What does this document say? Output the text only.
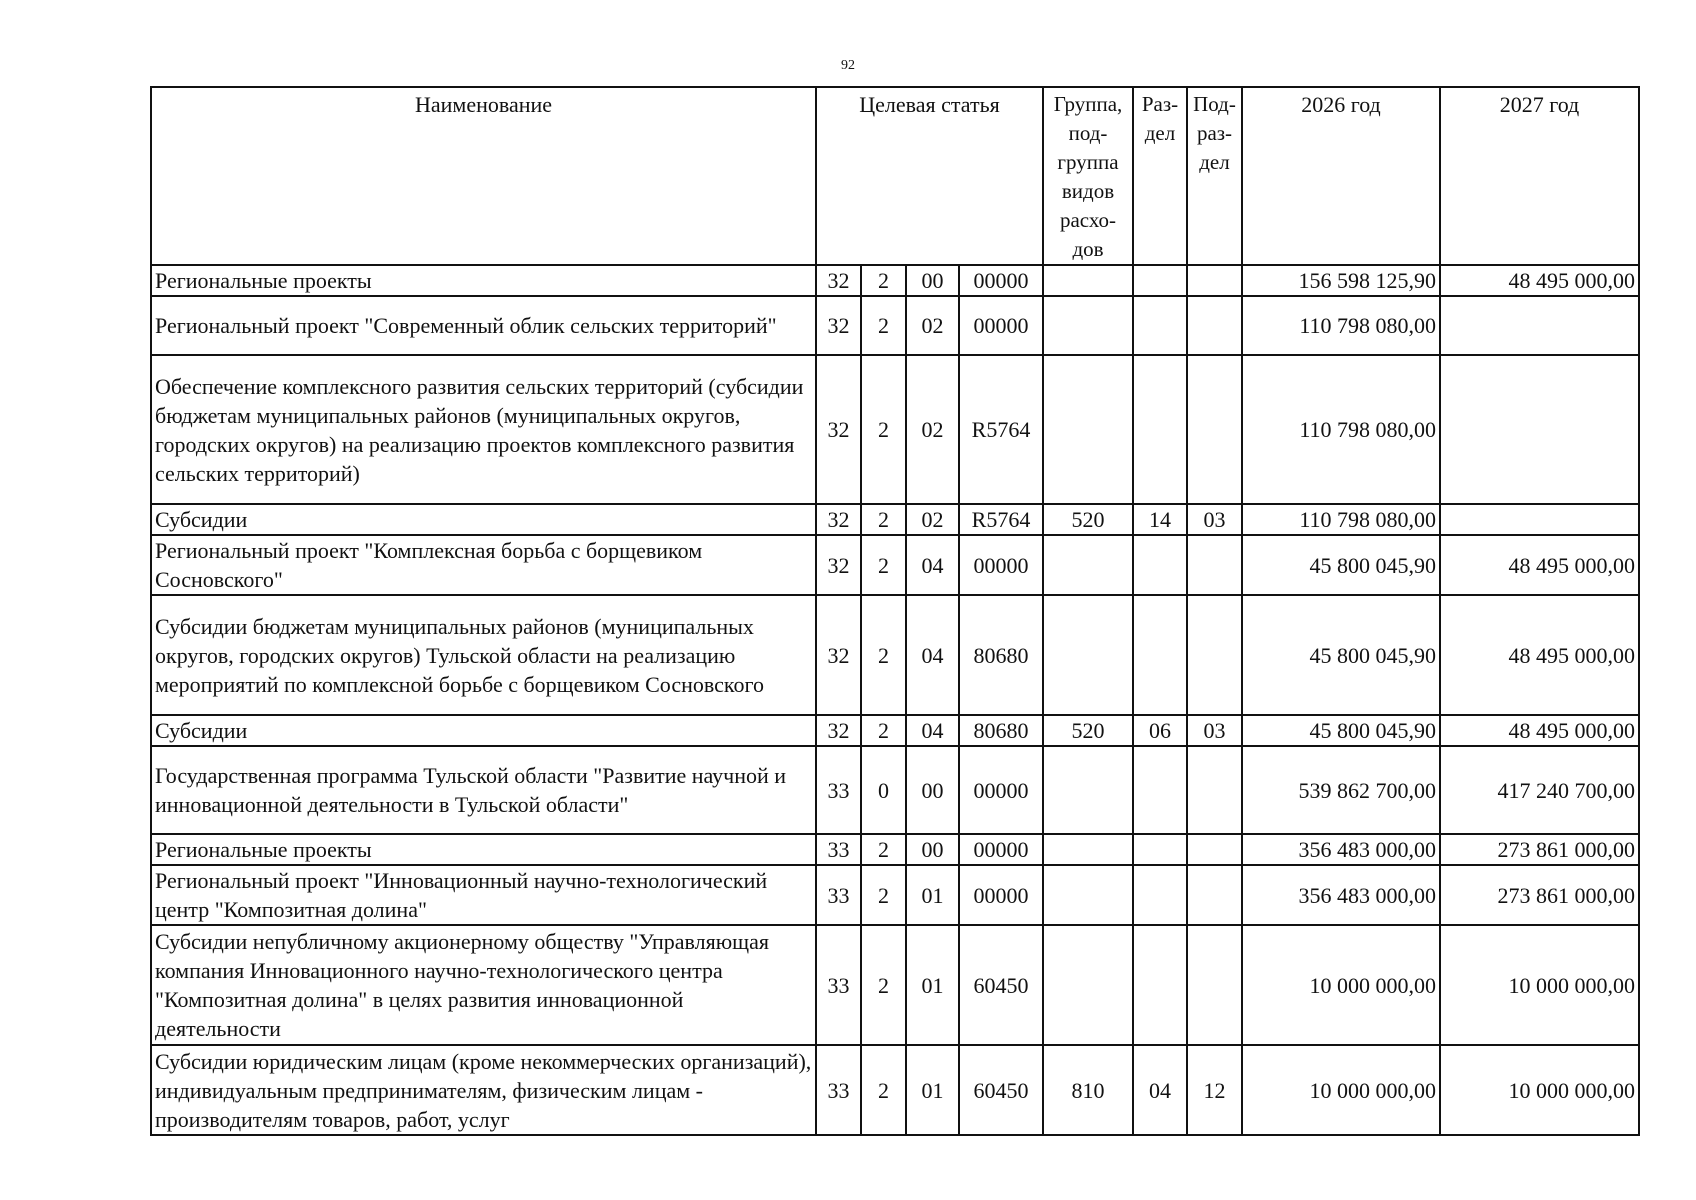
92
Наименование	Целевая статья				Группа, под- группа видов расхо- дов	Раз- дел	Под- раз- дел	2026 год	2027 год
Региональные проекты	32	2	00	00000				156 598 125,90	48 495 000,00
Региональный проект "Современный облик сельских территорий"	32	2	02	00000				110 798 080,00	
Обеспечение комплексного развития сельских территорий (субсидии бюджетам муниципальных районов (муниципальных округов, городских округов) на реализацию проектов комплексного развития сельских территорий)	32	2	02	R5764				110 798 080,00	
Субсидии	32	2	02	R5764	520	14	03	110 798 080,00	
Региональный проект "Комплексная борьба с борщевиком Сосновского"	32	2	04	00000				45 800 045,90	48 495 000,00
Субсидии бюджетам муниципальных районов (муниципальных округов, городских округов) Тульской области на реализацию мероприятий по комплексной борьбе с борщевиком Сосновского	32	2	04	80680				45 800 045,90	48 495 000,00
Субсидии	32	2	04	80680	520	06	03	45 800 045,90	48 495 000,00
Государственная программа Тульской области "Развитие научной и инновационной деятельности в Тульской области"	33	0	00	00000				539 862 700,00	417 240 700,00
Региональные проекты	33	2	00	00000				356 483 000,00	273 861 000,00
Региональный проект "Инновационный научно-технологический центр "Композитная долина"	33	2	01	00000				356 483 000,00	273 861 000,00
Субсидии непубличному акционерному обществу "Управляющая компания Инновационного научно-технологического центра "Композитная долина" в целях развития инновационной деятельности	33	2	01	60450				10 000 000,00	10 000 000,00
Субсидии юридическим лицам (кроме некоммерческих организаций), индивидуальным предпринимателям, физическим лицам - производителям товаров, работ, услуг	33	2	01	60450	810	04	12	10 000 000,00	10 000 000,00
